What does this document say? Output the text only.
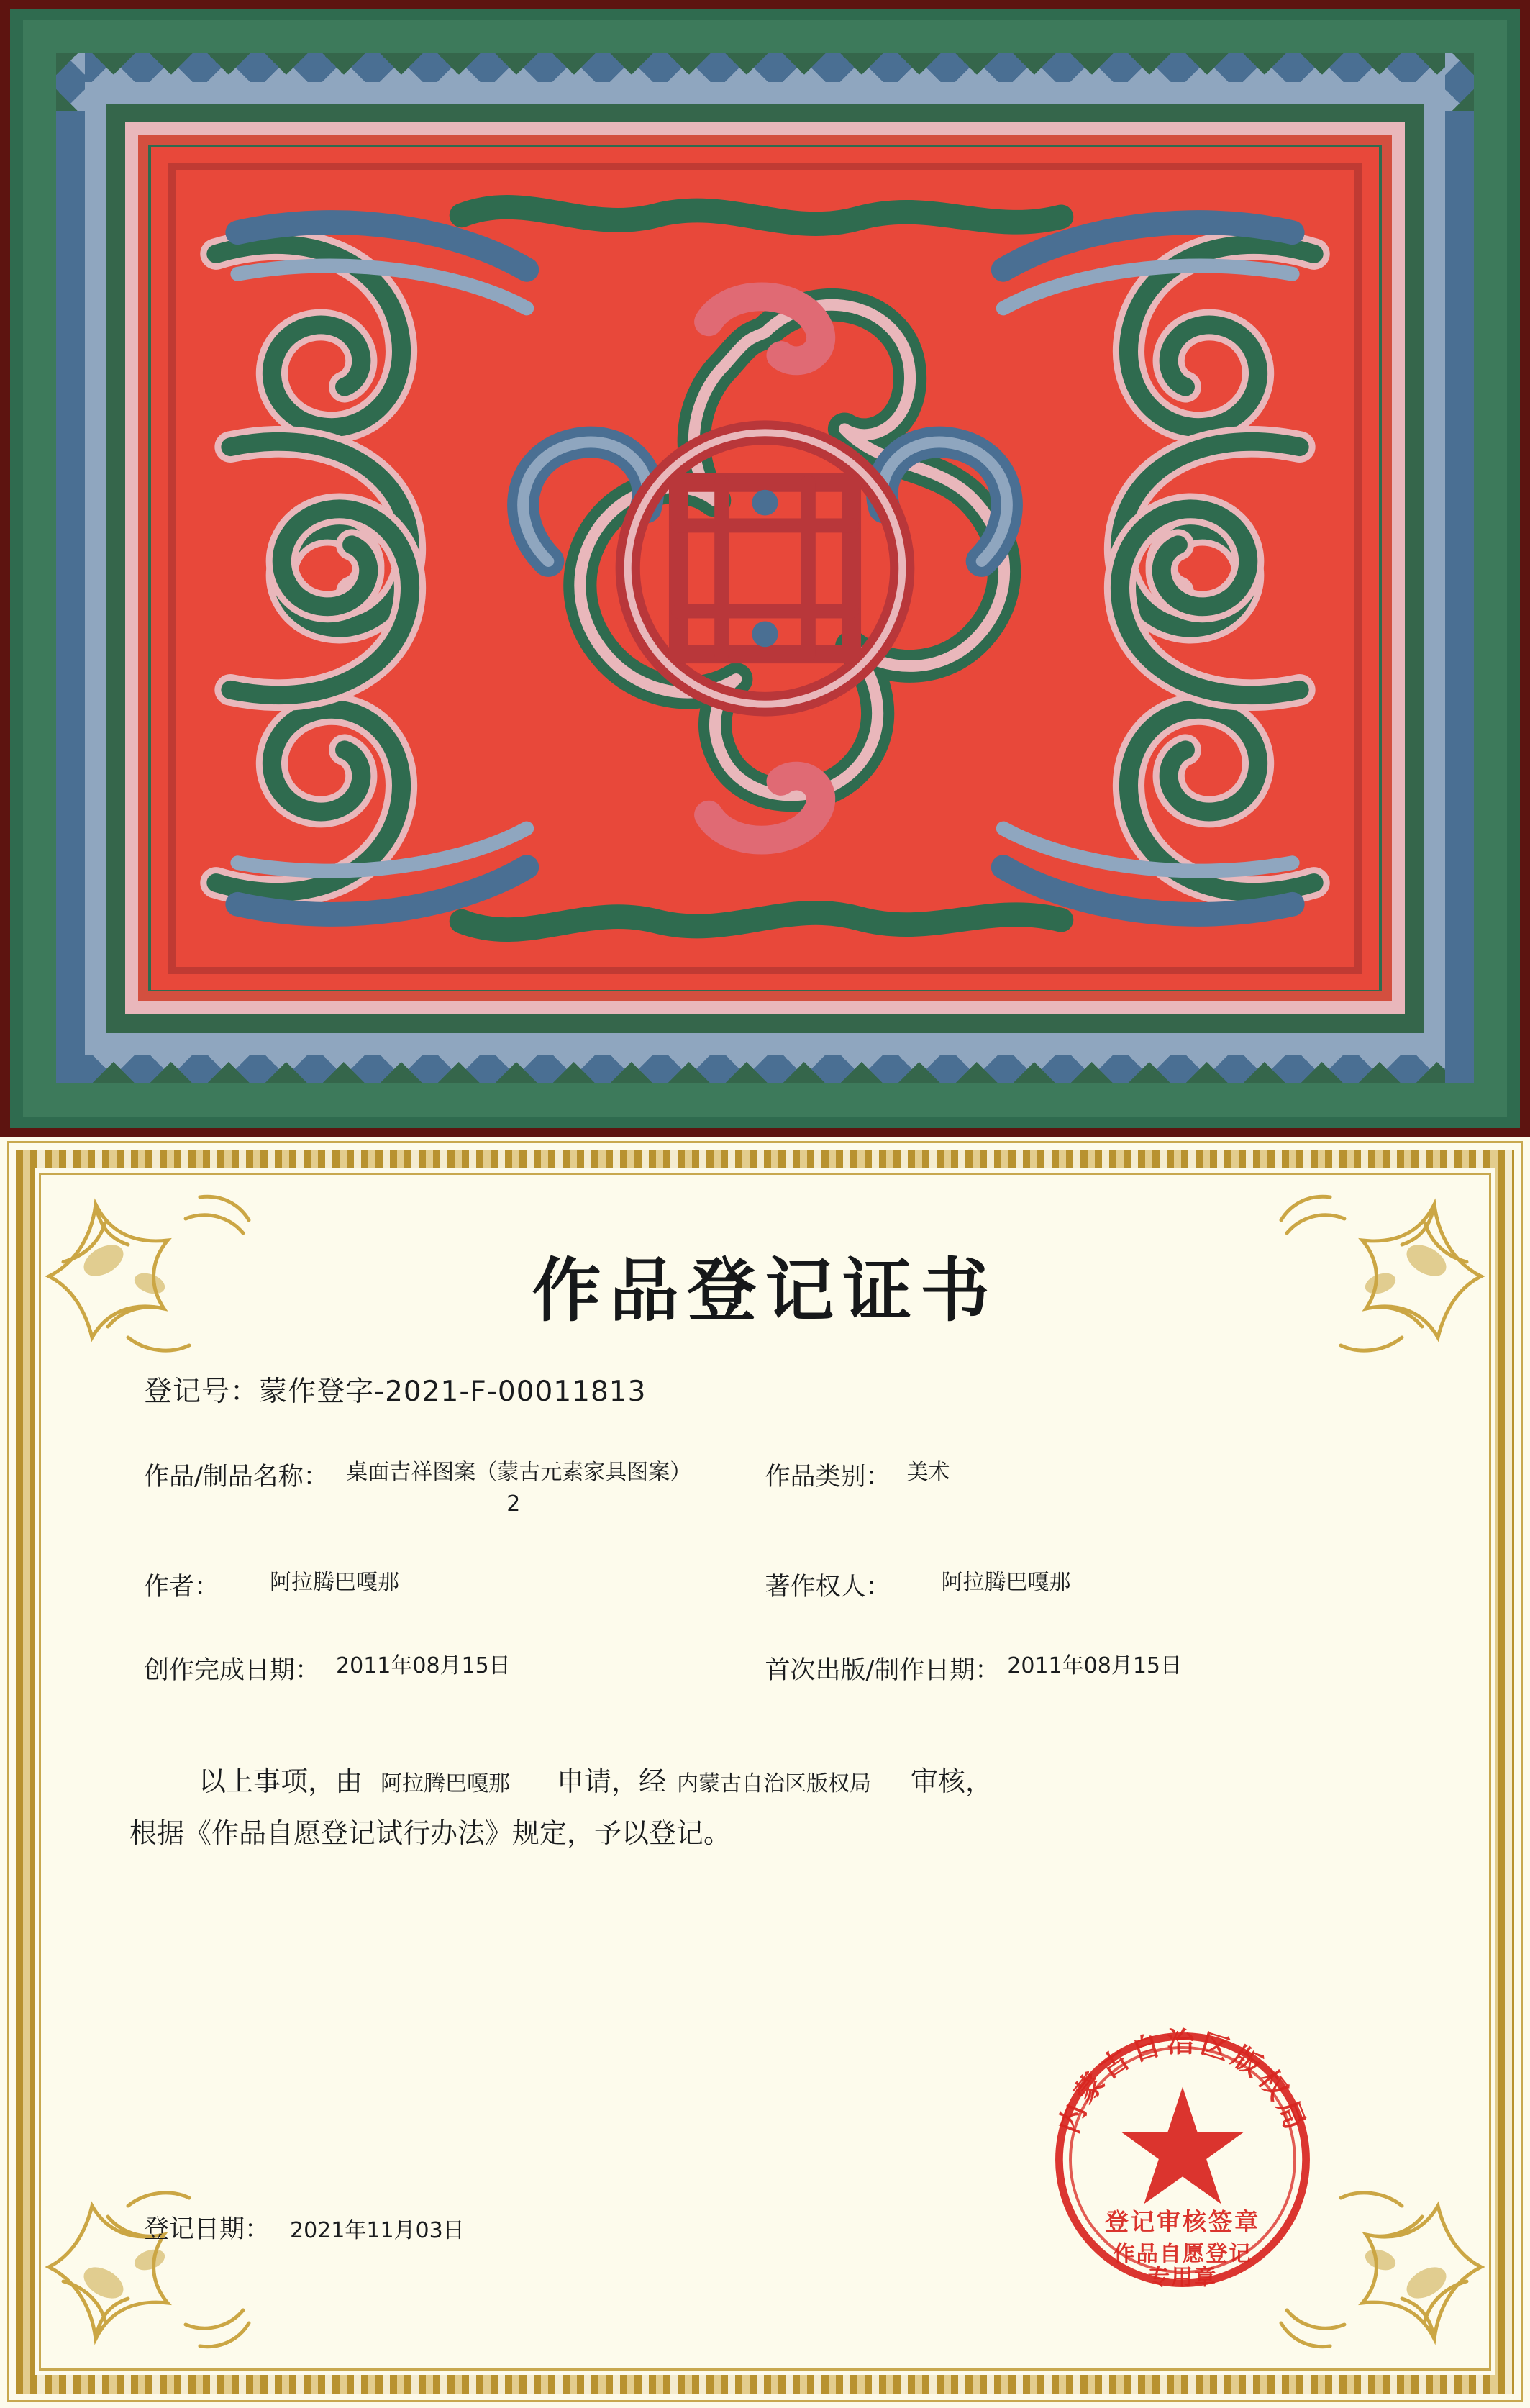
作品登记证书
登记号：蒙作登字-2021-F-00011813
作品/制品名称： 桌面吉祥图案（蒙古元素家具图案）2
作品类别： 美术
作者：	阿拉腾巴嘎那	著作权人：	阿拉腾巴嘎那
创作完成日期： 2011年08月15日	首次出版/制作日期： 2011年08月15日
以上事项，由 阿拉腾巴嘎那 申请，经 内蒙古自治区版权局 审核，
根据《作品自愿登记试行办法》规定，予以登记。
登记日期： 2021年11月03日
内蒙古自治区版权局
登记审核签章
作品自愿登记
专用章
